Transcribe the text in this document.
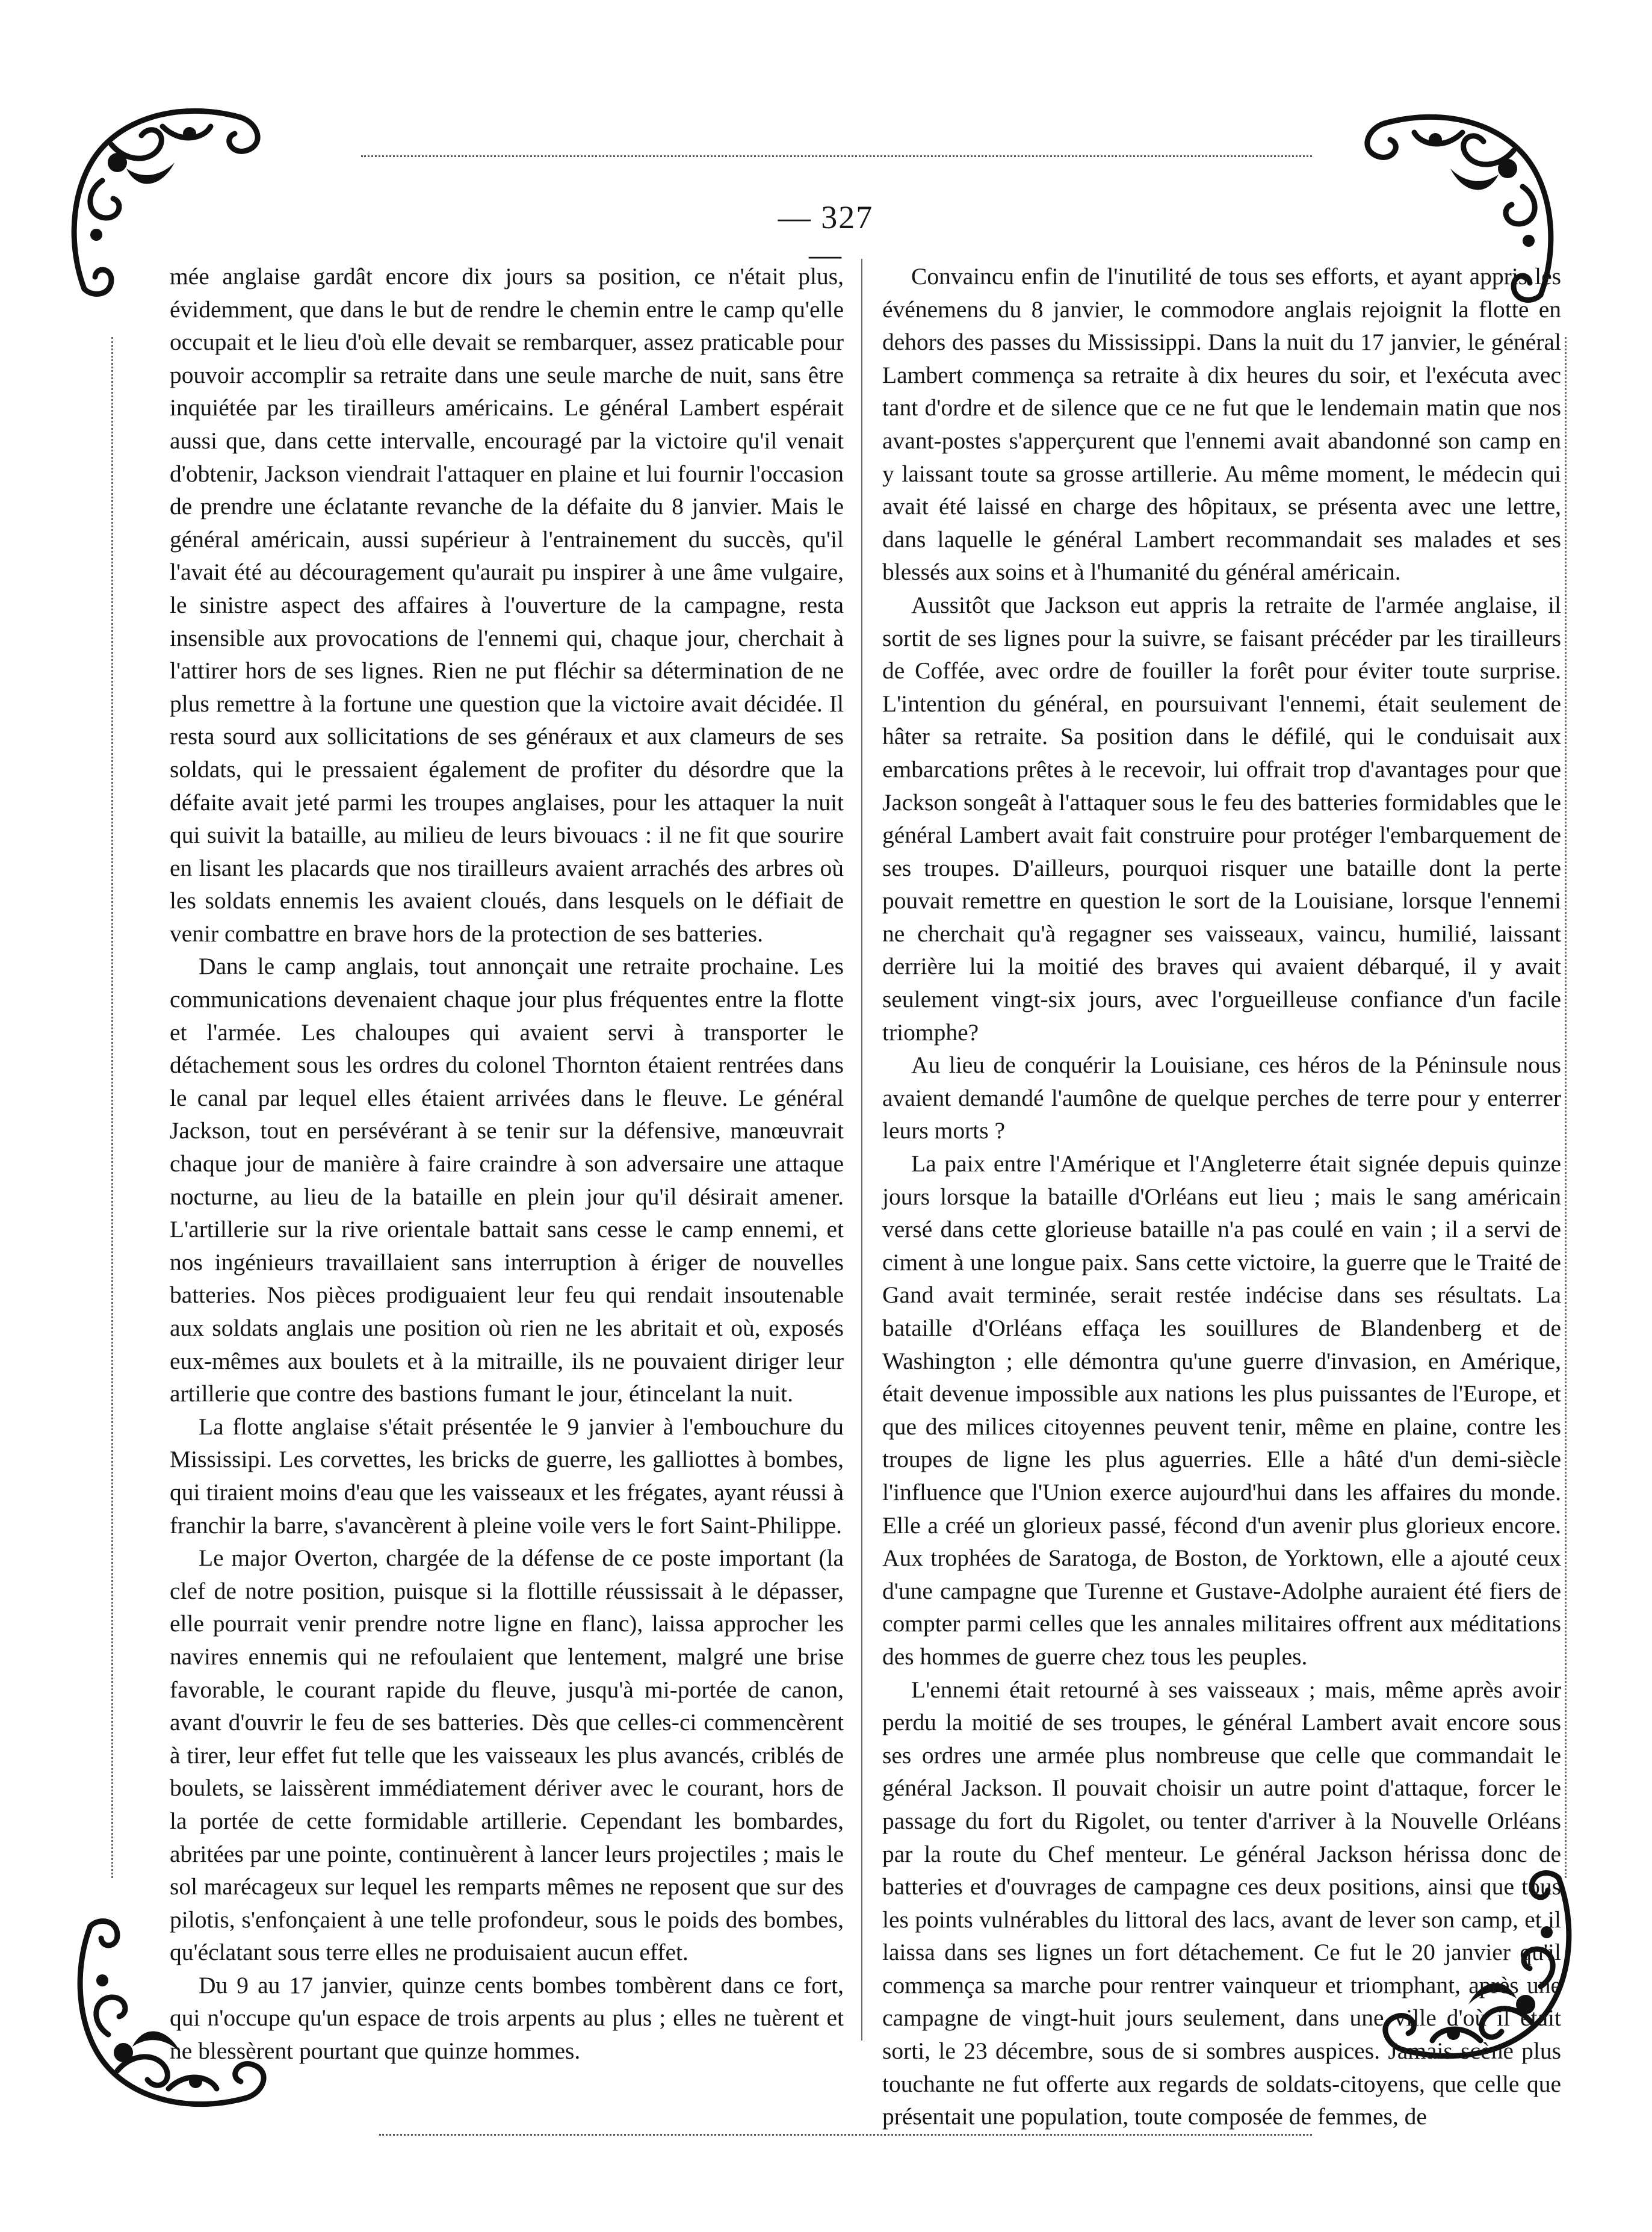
— 327 —

mée anglaise gardât encore dix jours sa position, ce n'était plus, évidemment, que dans le but de rendre le chemin entre le camp qu'elle occupait et le lieu d'où elle devait se rembarquer, assez praticable pour pouvoir accomplir sa retraite dans une seule marche de nuit, sans être inquiétée par les tirailleurs américains. Le général Lambert espérait aussi que, dans cette intervalle, encouragé par la victoire qu'il venait d'obtenir, Jackson viendrait l'attaquer en plaine et lui fournir l'occasion de prendre une éclatante revanche de la défaite du 8 janvier. Mais le général américain, aussi supérieur à l'entrainement du succès, qu'il l'avait été au découragement qu'aurait pu inspirer à une âme vulgaire, le sinistre aspect des affaires à l'ouverture de la campagne, resta insensible aux provocations de l'ennemi qui, chaque jour, cherchait à l'attirer hors de ses lignes. Rien ne put fléchir sa détermination de ne plus remettre à la fortune une question que la victoire avait décidée. Il resta sourd aux sollicitations de ses généraux et aux clameurs de ses soldats, qui le pressaient également de profiter du désordre que la défaite avait jeté parmi les troupes anglaises, pour les attaquer la nuit qui suivit la bataille, au milieu de leurs bivouacs : il ne fit que sourire en lisant les placards que nos tirailleurs avaient arrachés des arbres où les soldats ennemis les avaient cloués, dans lesquels on le défiait de venir combattre en brave hors de la protection de ses batteries.

Dans le camp anglais, tout annonçait une retraite prochaine. Les communications devenaient chaque jour plus fréquentes entre la flotte et l'armée. Les chaloupes qui avaient servi à transporter le détachement sous les ordres du colonel Thornton étaient rentrées dans le canal par lequel elles étaient arrivées dans le fleuve. Le général Jackson, tout en persévérant à se tenir sur la défensive, manœuvrait chaque jour de manière à faire craindre à son adversaire une attaque nocturne, au lieu de la bataille en plein jour qu'il désirait amener. L'artillerie sur la rive orientale battait sans cesse le camp ennemi, et nos ingénieurs travaillaient sans interruption à ériger de nouvelles batteries. Nos pièces prodiguaient leur feu qui rendait insoutenable aux soldats anglais une position où rien ne les abritait et où, exposés eux-mêmes aux boulets et à la mitraille, ils ne pouvaient diriger leur artillerie que contre des bastions fumant le jour, étincelant la nuit.

La flotte anglaise s'était présentée le 9 janvier à l'embouchure du Mississipi. Les corvettes, les bricks de guerre, les galliottes à bombes, qui tiraient moins d'eau que les vaisseaux et les frégates, ayant réussi à franchir la barre, s'avancèrent à pleine voile vers le fort Saint-Philippe.

Le major Overton, chargée de la défense de ce poste important (la clef de notre position, puisque si la flottille réussissait à le dépasser, elle pourrait venir prendre notre ligne en flanc), laissa approcher les navires ennemis qui ne refoulaient que lentement, malgré une brise favorable, le courant rapide du fleuve, jusqu'à mi-portée de canon, avant d'ouvrir le feu de ses batteries. Dès que celles-ci commencèrent à tirer, leur effet fut telle que les vaisseaux les plus avancés, criblés de boulets, se laissèrent immédiatement dériver avec le courant, hors de la portée de cette formidable artillerie. Cependant les bombardes, abritées par une pointe, continuèrent à lancer leurs projectiles ; mais le sol marécageux sur lequel les remparts mêmes ne reposent que sur des pilotis, s'enfonçaient à une telle profondeur, sous le poids des bombes, qu'éclatant sous terre elles ne produisaient aucun effet.

Du 9 au 17 janvier, quinze cents bombes tombèrent dans ce fort, qui n'occupe qu'un espace de trois arpents au plus ; elles ne tuèrent et ne blessèrent pourtant que quinze hommes.

Convaincu enfin de l'inutilité de tous ses efforts, et ayant appris les événemens du 8 janvier, le commodore anglais rejoignit la flotte en dehors des passes du Mississippi. Dans la nuit du 17 janvier, le général Lambert commença sa retraite à dix heures du soir, et l'exécuta avec tant d'ordre et de silence que ce ne fut que le lendemain matin que nos avant-postes s'apperçurent que l'ennemi avait abandonné son camp en y laissant toute sa grosse artillerie. Au même moment, le médecin qui avait été laissé en charge des hôpitaux, se présenta avec une lettre, dans laquelle le général Lambert recommandait ses malades et ses blessés aux soins et à l'humanité du général américain.

Aussitôt que Jackson eut appris la retraite de l'armée anglaise, il sortit de ses lignes pour la suivre, se faisant précéder par les tirailleurs de Coffée, avec ordre de fouiller la forêt pour éviter toute surprise. L'intention du général, en poursuivant l'ennemi, était seulement de hâter sa retraite. Sa position dans le défilé, qui le conduisait aux embarcations prêtes à le recevoir, lui offrait trop d'avantages pour que Jackson songeât à l'attaquer sous le feu des batteries formidables que le général Lambert avait fait construire pour protéger l'embarquement de ses troupes. D'ailleurs, pourquoi risquer une bataille dont la perte pouvait remettre en question le sort de la Louisiane, lorsque l'ennemi ne cherchait qu'à regagner ses vaisseaux, vaincu, humilié, laissant derrière lui la moitié des braves qui avaient débarqué, il y avait seulement vingt-six jours, avec l'orgueilleuse confiance d'un facile triomphe?

Au lieu de conquérir la Louisiane, ces héros de la Péninsule nous avaient demandé l'aumône de quelque perches de terre pour y enterrer leurs morts ?

La paix entre l'Amérique et l'Angleterre était signée depuis quinze jours lorsque la bataille d'Orléans eut lieu ; mais le sang américain versé dans cette glorieuse bataille n'a pas coulé en vain ; il a servi de ciment à une longue paix. Sans cette victoire, la guerre que le Traité de Gand avait terminée, serait restée indécise dans ses résultats. La bataille d'Orléans effaça les souillures de Blandenberg et de Washington ; elle démontra qu'une guerre d'invasion, en Amérique, était devenue impossible aux nations les plus puissantes de l'Europe, et que des milices citoyennes peuvent tenir, même en plaine, contre les troupes de ligne les plus aguerries. Elle a hâté d'un demi-siècle l'influence que l'Union exerce aujourd'hui dans les affaires du monde. Elle a créé un glorieux passé, fécond d'un avenir plus glorieux encore. Aux trophées de Saratoga, de Boston, de Yorktown, elle a ajouté ceux d'une campagne que Turenne et Gustave-Adolphe auraient été fiers de compter parmi celles que les annales militaires offrent aux méditations des hommes de guerre chez tous les peuples.

L'ennemi était retourné à ses vaisseaux ; mais, même après avoir perdu la moitié de ses troupes, le général Lambert avait encore sous ses ordres une armée plus nombreuse que celle que commandait le général Jackson. Il pouvait choisir un autre point d'attaque, forcer le passage du fort du Rigolet, ou tenter d'arriver à la Nouvelle Orléans par la route du Chef menteur. Le général Jackson hérissa donc de batteries et d'ouvrages de campagne ces deux positions, ainsi que tous les points vulnérables du littoral des lacs, avant de lever son camp, et il laissa dans ses lignes un fort détachement. Ce fut le 20 janvier qu'il commença sa marche pour rentrer vainqueur et triomphant, après une campagne de vingt-huit jours seulement, dans une ville d'où il était sorti, le 23 décembre, sous de si sombres auspices. Jamais scène plus touchante ne fut offerte aux regards de soldats-citoyens, que celle que présentait une population, toute composée de femmes, de
